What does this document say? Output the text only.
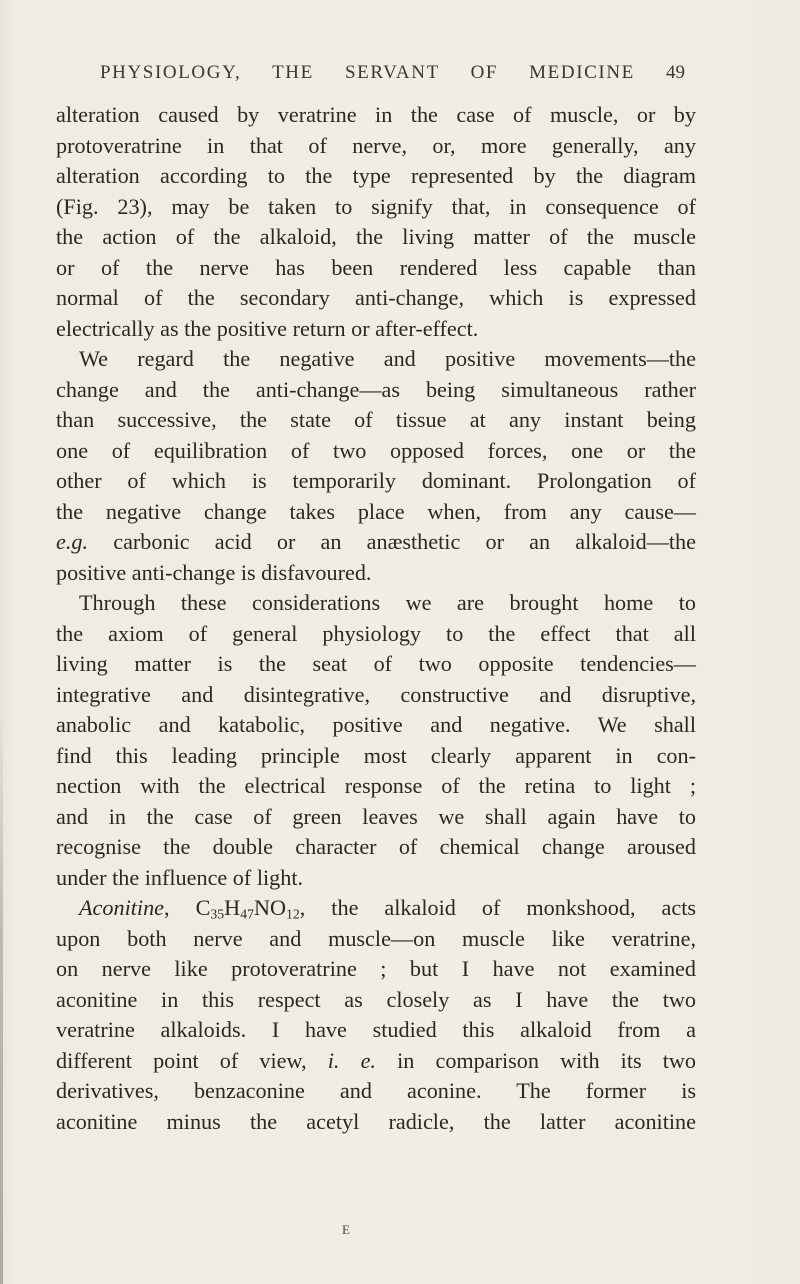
PHYSIOLOGY, THE SERVANT OF MEDICINE 49
alteration caused by veratrine in the case of muscle, or by
protoveratrine in that of nerve, or, more generally, any
alteration according to the type represented by the diagram
(Fig. 23), may be taken to signify that, in consequence of
the action of the alkaloid, the living matter of the muscle
or of the nerve has been rendered less capable than
normal of the secondary anti-change, which is expressed
electrically as the positive return or after-effect.
We regard the negative and positive movements—the
change and the anti-change—as being simultaneous rather
than successive, the state of tissue at any instant being
one of equilibration of two opposed forces, one or the
other of which is temporarily dominant. Prolongation of
the negative change takes place when, from any cause—
e.g. carbonic acid or an anæsthetic or an alkaloid—the
positive anti-change is disfavoured.
Through these considerations we are brought home to
the axiom of general physiology to the effect that all
living matter is the seat of two opposite tendencies—
integrative and disintegrative, constructive and disruptive,
anabolic and katabolic, positive and negative. We shall
find this leading principle most clearly apparent in con-
nection with the electrical response of the retina to light ;
and in the case of green leaves we shall again have to
recognise the double character of chemical change aroused
under the influence of light.
Aconitine, $C_{35}H_{47}NO_{12}$, the alkaloid of monkshood, acts
upon both nerve and muscle—on muscle like veratrine,
on nerve like protoveratrine ; but I have not examined
aconitine in this respect as closely as I have the two
veratrine alkaloids. I have studied this alkaloid from a
different point of view, i. e. in comparison with its two
derivatives, benzaconine and aconine. The former is
aconitine minus the acetyl radicle, the latter aconitine
E
